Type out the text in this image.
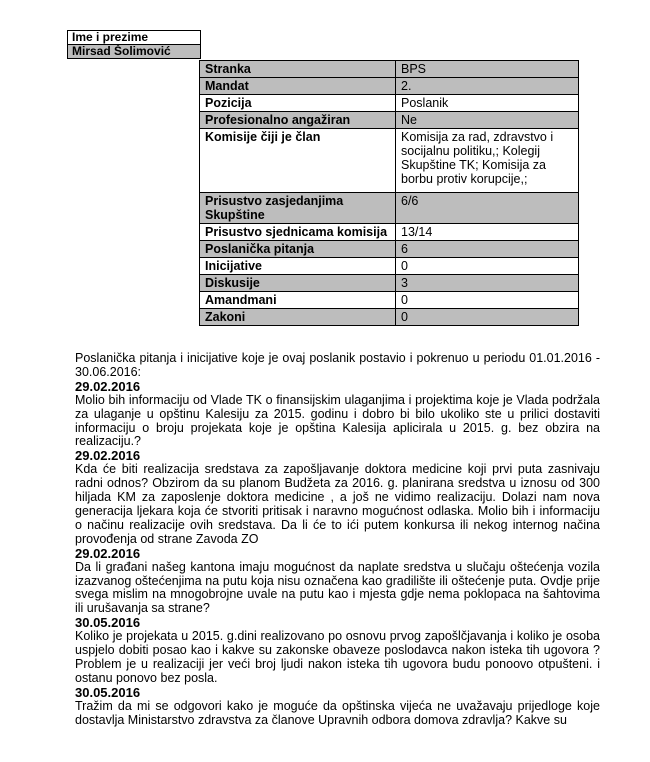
Ime i prezime
Mirsad Šolimović
Stranka	BPS
Mandat	2.
Pozicija	Poslanik
Profesionalno angažiran	Ne
Komisije čiji je član	Komisija za rad, zdravstvo i socijalnu politiku,; Kolegij Skupštine TK; Komisija za borbu protiv korupcije,;
Prisustvo zasjedanjima Skupštine	6/6
Prisustvo sjednicama komisija	13/14
Poslanička pitanja	6
Inicijative	0
Diskusije	3
Amandmani	0
Zakoni	0

Poslanička pitanja i inicijative koje je ovaj poslanik postavio i pokrenuo u periodu 01.01.2016 - 30.06.2016:

29.02.2016

Molio bih informaciju od Vlade TK o finansijskim ulaganjima i projektima koje je Vlada podržala za ulaganje u opštinu Kalesiju za 2015. godinu i dobro bi bilo ukoliko ste u prilici dostaviti informaciju o broju projekata koje je opština Kalesija aplicirala u 2015. g. bez obzira na realizaciju.?

29.02.2016

Kda će biti realizacija sredstava za zapošljavanje doktora medicine koji prvi puta zasnivaju radni odnos? Obzirom da su planom Budžeta za 2016. g. planirana sredstva u iznosu od 300 hiljada KM za zaposlenje doktora medicine , a još ne vidimo realizaciju. Dolazi nam nova generacija ljekara koja će stvoriti pritisak i naravno mogućnost odlaska. Molio bih i informaciju o načinu realizacije ovih sredstava. Da li će to ići putem konkursa ili nekog internog načina provođenja od strane Zavoda ZO

29.02.2016

Da li građani našeg kantona imaju mogućnost da naplate sredstva u slučaju oštećenja vozila izazvanog oštećenjima na putu koja nisu označena kao gradilište ili oštećenje puta. Ovdje prije svega mislim na mnogobrojne uvale na putu kao i mjesta gdje nema poklopaca na šahtovima ili urušavanja sa strane?

30.05.2016

Koliko je projekata u 2015. g.dini realizovano po osnovu prvog zapošlčjavanja i koliko je osoba uspjelo dobiti posao kao i kakve su zakonske obaveze poslodavca nakon isteka tih ugovora ? Problem je u realizaciji jer veći broj ljudi nakon isteka tih ugovora budu ponoovo otpušteni. i ostanu ponovo bez posla.

30.05.2016

Tražim da mi se odgovori kako je moguće da opštinska vijeća ne uvažavaju prijedloge koje dostavlja Ministarstvo zdravstva za članove Upravnih odbora domova zdravlja? Kakve su
